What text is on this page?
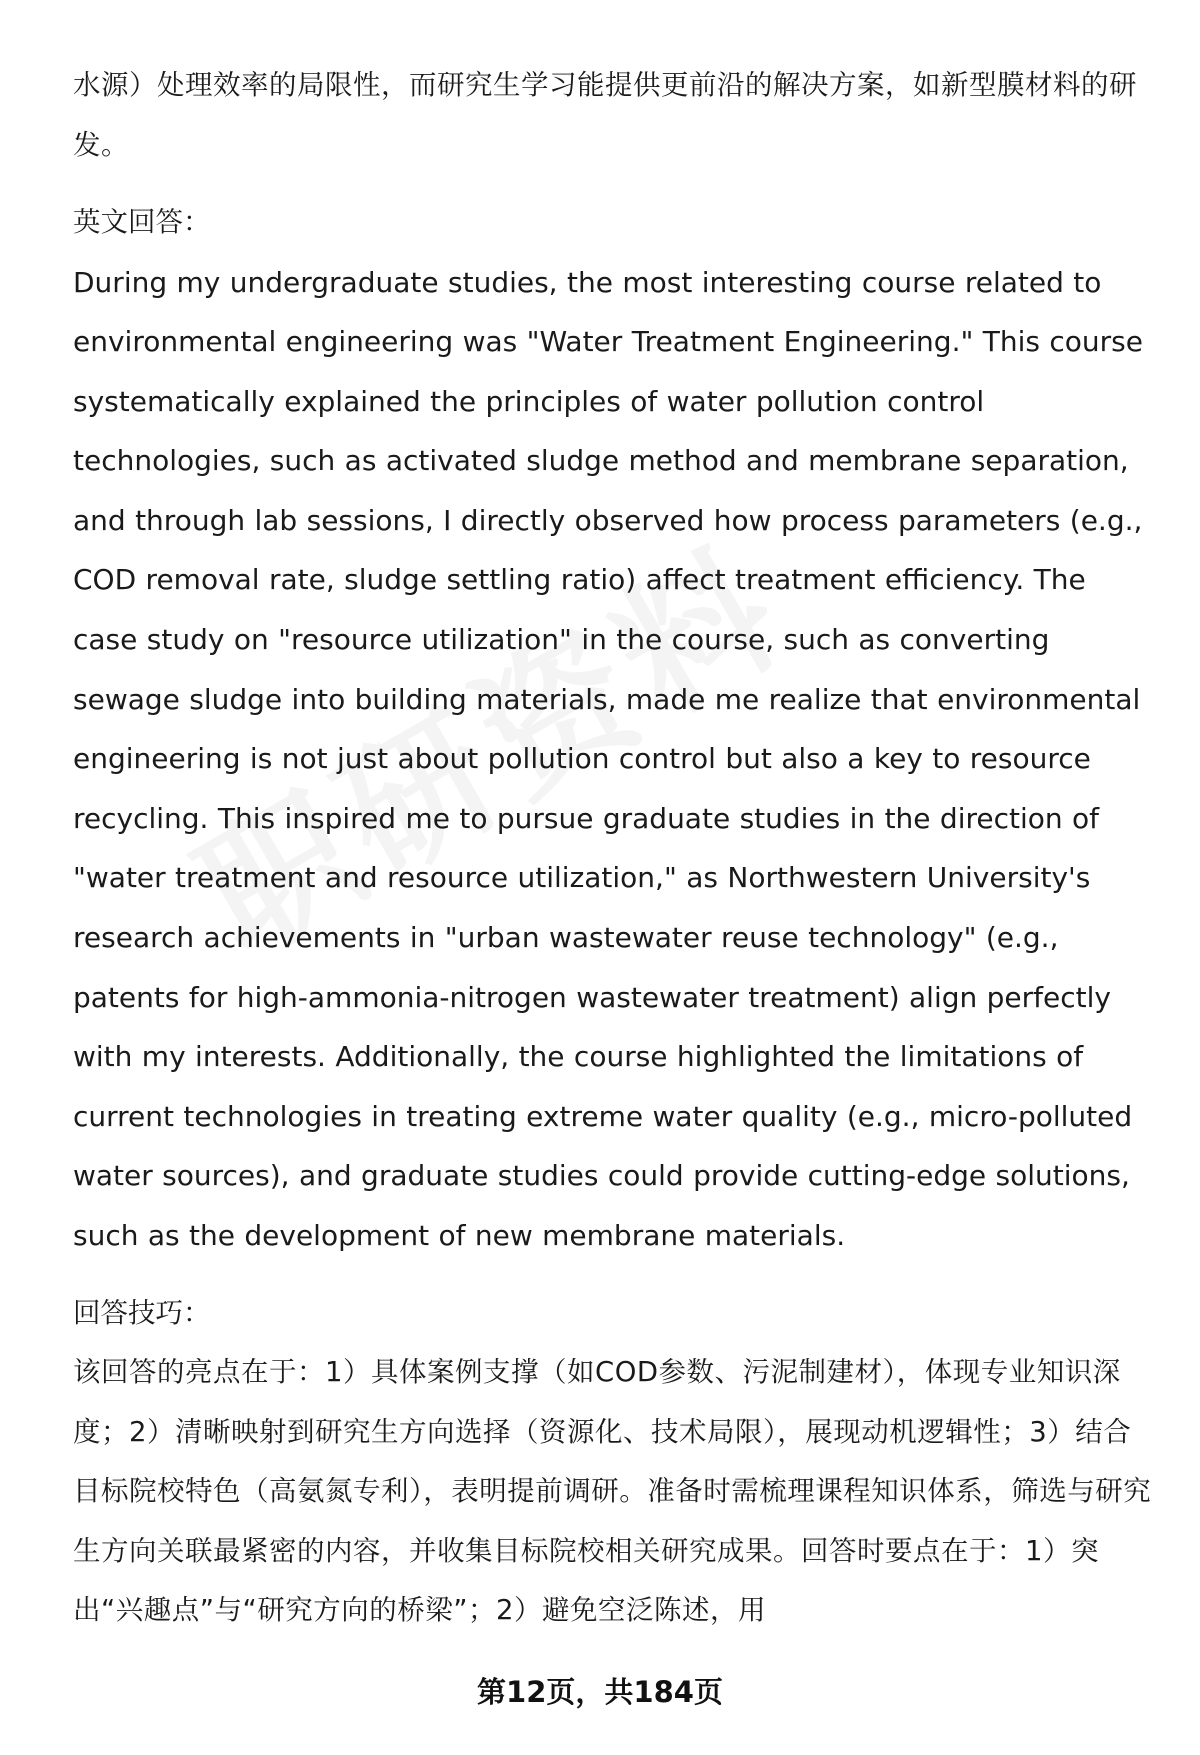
水源）处理效率的局限性，而研究生学习能提供更前沿的解决方案，如新型膜材料的研发。

英文回答：

During my undergraduate studies, the most interesting course related to environmental engineering was "Water Treatment Engineering." This course systematically explained the principles of water pollution control technologies, such as activated sludge method and membrane separation, and through lab sessions, I directly observed how process parameters (e.g., COD removal rate, sludge settling ratio) affect treatment efficiency. The case study on "resource utilization" in the course, such as converting sewage sludge into building materials, made me realize that environmental engineering is not just about pollution control but also a key to resource recycling. This inspired me to pursue graduate studies in the direction of "water treatment and resource utilization," as Northwestern University's research achievements in "urban wastewater reuse technology" (e.g., patents for high-ammonia-nitrogen wastewater treatment) align perfectly with my interests. Additionally, the course highlighted the limitations of current technologies in treating extreme water quality (e.g., micro-polluted water sources), and graduate studies could provide cutting-edge solutions, such as the development of new membrane materials.

回答技巧：

该回答的亮点在于：1）具体案例支撑（如COD参数、污泥制建材），体现专业知识深度；2）清晰映射到研究生方向选择（资源化、技术局限），展现动机逻辑性；3）结合目标院校特色（高氨氮专利），表明提前调研。准备时需梳理课程知识体系，筛选与研究生方向关联最紧密的内容，并收集目标院校相关研究成果。回答时要点在于：1）突出“兴趣点”与“研究方向的桥梁”；2）避免空泛陈述，用

第12页，共184页
